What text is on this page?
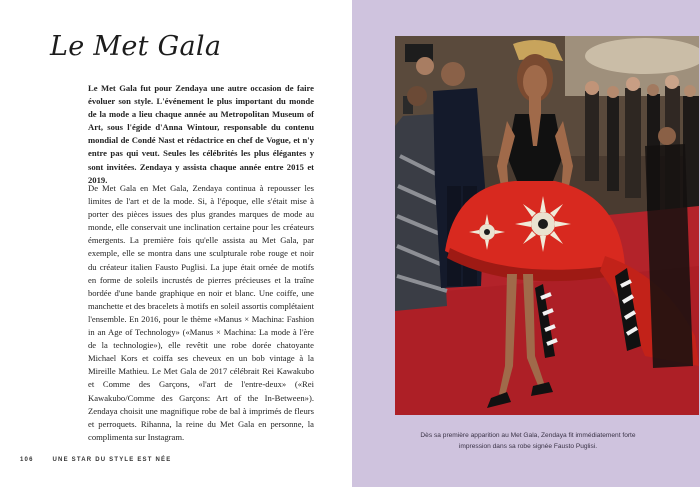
Le Met Gala

Le Met Gala fut pour Zendaya une autre occasion de faire évoluer son style. L'événement le plus important du monde de la mode a lieu chaque année au Metropolitan Museum of Art, sous l'égide d'Anna Wintour, responsable du contenu mondial de Condé Nast et rédactrice en chef de Vogue, et n'y entre pas qui veut. Seules les célébrités les plus élégantes y sont invitées. Zendaya y assista chaque année entre 2015 et 2019.

De Met Gala en Met Gala, Zendaya continua à repousser les limites de l'art et de la mode. Si, à l'époque, elle s'était mise à porter des pièces issues des plus grandes marques de mode au monde, elle conservait une inclination certaine pour les créateurs émergents. La première fois qu'elle assista au Met Gala, par exemple, elle se montra dans une sculpturale robe rouge et noir du créateur italien Fausto Puglisi. La jupe était ornée de motifs en forme de soleils incrustés de pierres précieuses et la traîne bordée d'une bande graphique en noir et blanc. Une coiffe, une manchette et des bracelets à motifs en soleil assortis complétaient l'ensemble. En 2016, pour le thème «Manus × Machina: Fashion in an Age of Technology» («Manus × Machina: La mode à l'ère de la technologie»), elle revêtit une robe dorée chatoyante Michael Kors et coiffa ses cheveux en un bob vintage à la Mireille Mathieu. Le Met Gala de 2017 célébrait Rei Kawakubo et Comme des Garçons, «l'art de l'entre-deux» («Rei Kawakubo/Comme des Garçons: Art of the In-Between»). Zendaya choisit une magnifique robe de bal à imprimés de fleurs et perroquets. Rihanna, la reine du Met Gala en personne, la complimenta sur Instagram.

106	UNE STAR DU STYLE EST NÉE

Dès sa première apparition au Met Gala, Zendaya fit immédiatement forte impression dans sa robe signée Fausto Puglisi.
